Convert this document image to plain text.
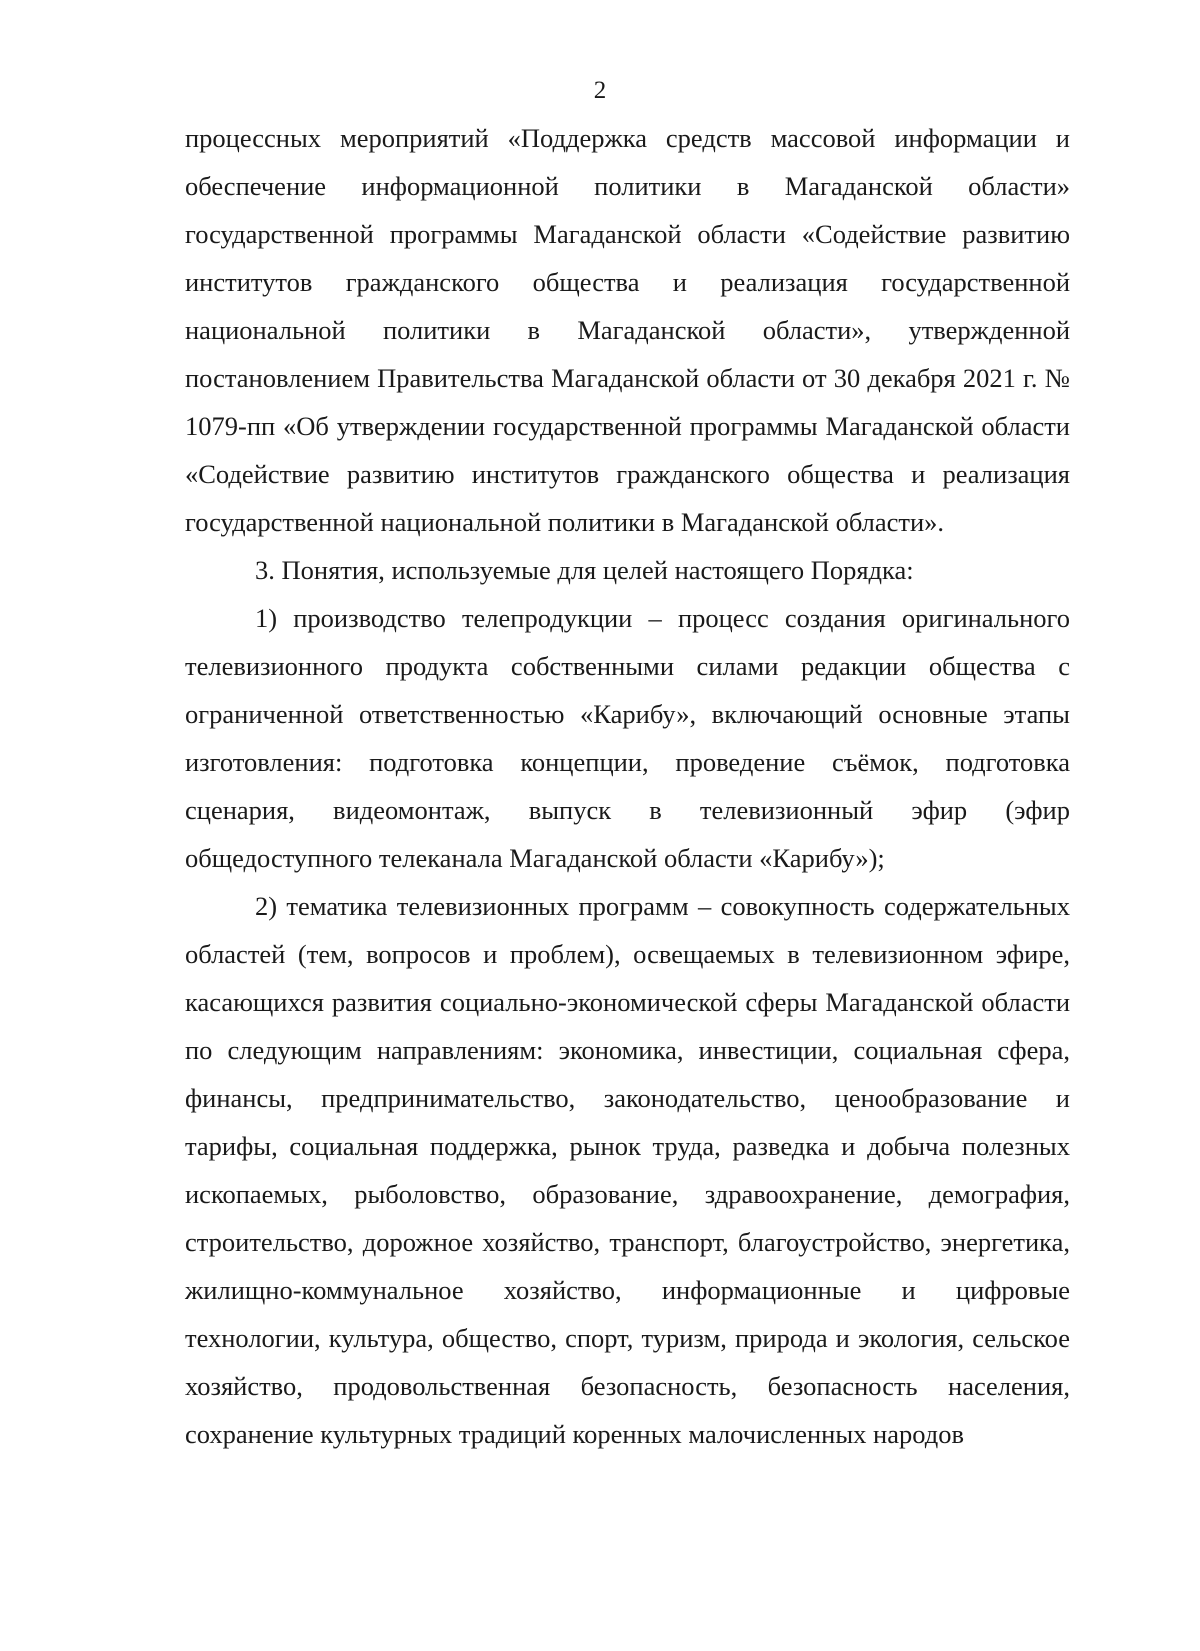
2

процессных мероприятий «Поддержка средств массовой информации и обеспечение информационной политики в Магаданской области» государственной программы Магаданской области «Содействие развитию институтов гражданского общества и реализация государственной национальной политики в Магаданской области», утвержденной постановлением Правительства Магаданской области от 30 декабря 2021 г. № 1079-пп «Об утверждении государственной программы Магаданской области «Содействие развитию институтов гражданского общества и реализация государственной национальной политики в Магаданской области».

3. Понятия, используемые для целей настоящего Порядка:

1) производство телепродукции – процесс создания оригинального телевизионного продукта собственными силами редакции общества с ограниченной ответственностью «Карибу», включающий основные этапы изготовления: подготовка концепции, проведение съёмок, подготовка сценария, видеомонтаж, выпуск в телевизионный эфир (эфир общедоступного телеканала Магаданской области «Карибу»);

2) тематика телевизионных программ – совокупность содержательных областей (тем, вопросов и проблем), освещаемых в телевизионном эфире, касающихся развития социально-экономической сферы Магаданской области по следующим направлениям: экономика, инвестиции, социальная сфера, финансы, предпринимательство, законодательство, ценообразование и тарифы, социальная поддержка, рынок труда, разведка и добыча полезных ископаемых, рыболовство, образование, здравоохранение, демография, строительство, дорожное хозяйство, транспорт, благоустройство, энергетика, жилищно-коммунальное хозяйство, информационные и цифровые технологии, культура, общество, спорт, туризм, природа и экология, сельское хозяйство, продовольственная безопасность, безопасность населения, сохранение культурных традиций коренных малочисленных народов
